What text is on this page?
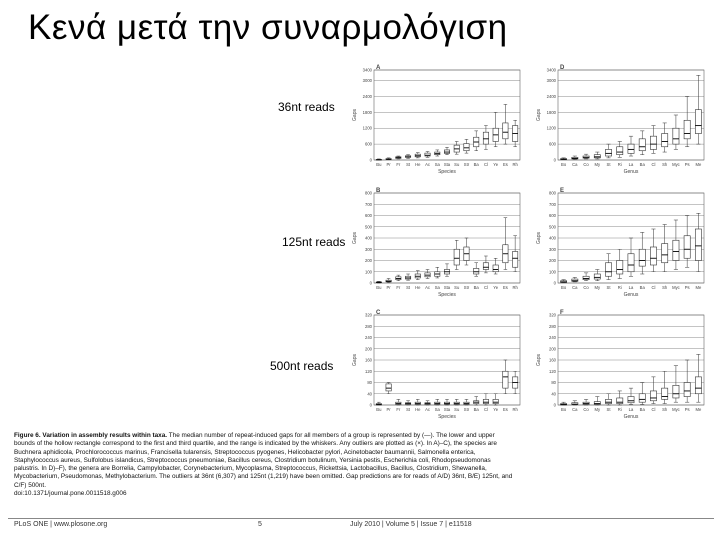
Κενά μετά την συναρμολόγιση
36nt reads
125nt reads
500nt reads
A
0
600
1200
1800
2400
3000
3400
Gaps
Bu Pr Fr St He Ac Sa Sta Su Str Ba Cl Ye Es Rh
Species
D
0
600
1200
1800
2400
3000
3400
Gaps
Bo Ca Co My St Ri La Ba Cl Sh Myc Ps Me
Genus
B
0
100
200
300
400
500
600
700
800
Gaps
Bu Pr Fr St He Ac Sa Sta Su Str Ba Cl Ye Es Rh
Species
E
0
100
200
300
400
500
600
700
800
Gaps
Bo Ca Co My St Ri La Ba Cl Sh Myc Ps Me
Genus
C
0
40
80
120
160
200
240
280
320
Gaps
Bu Pr Fr St He Ac Sa Sta Su Str Ba Cl Ye Es Rh
Species
F
0
40
80
120
160
200
240
280
320
Gaps
Bo Ca Co My St Ri La Ba Cl Sh Myc Ps Me
Genus
Figure 6. Variation in assembly results within taxa. The median number of repeat-induced gaps for all members of a group is represented by (—). The lower and upper bounds of the hollow rectangle correspond to the first and third quartile, and the range is indicated by the whiskers. Any outliers are plotted as (×). In A)–C), the species are Buchnera aphidicola, Prochlorococcus marinus, Francisella tularensis, Streptococcus pyogenes, Helicobacter pylori, Acinetobacter baumannii, Salmonella enterica, Staphylococcus aureus, Sulfolobus islandicus, Streptococcus pneumoniae, Bacillus cereus, Clostridium botulinum, Yersinia pestis, Escherichia coli, Rhodopseudomonas palustris. In D)–F), the genera are Borrelia, Campylobacter, Corynebacterium, Mycoplasma, Streptococcus, Rickettsia, Lactobacillus, Bacillus, Clostridium, Shewanella, Mycobacterium, Pseudomonas, Methylobacterium. The outliers at 36nt (6,307) and 125nt (1,219) have been omitted. Gap predictions are for reads of A/D) 36nt, B/E) 125nt, and C/F) 500nt.
doi:10.1371/journal.pone.0011518.g006
PLoS ONE | www.plosone.org	5	July 2010 | Volume 5 | Issue 7 | e11518
